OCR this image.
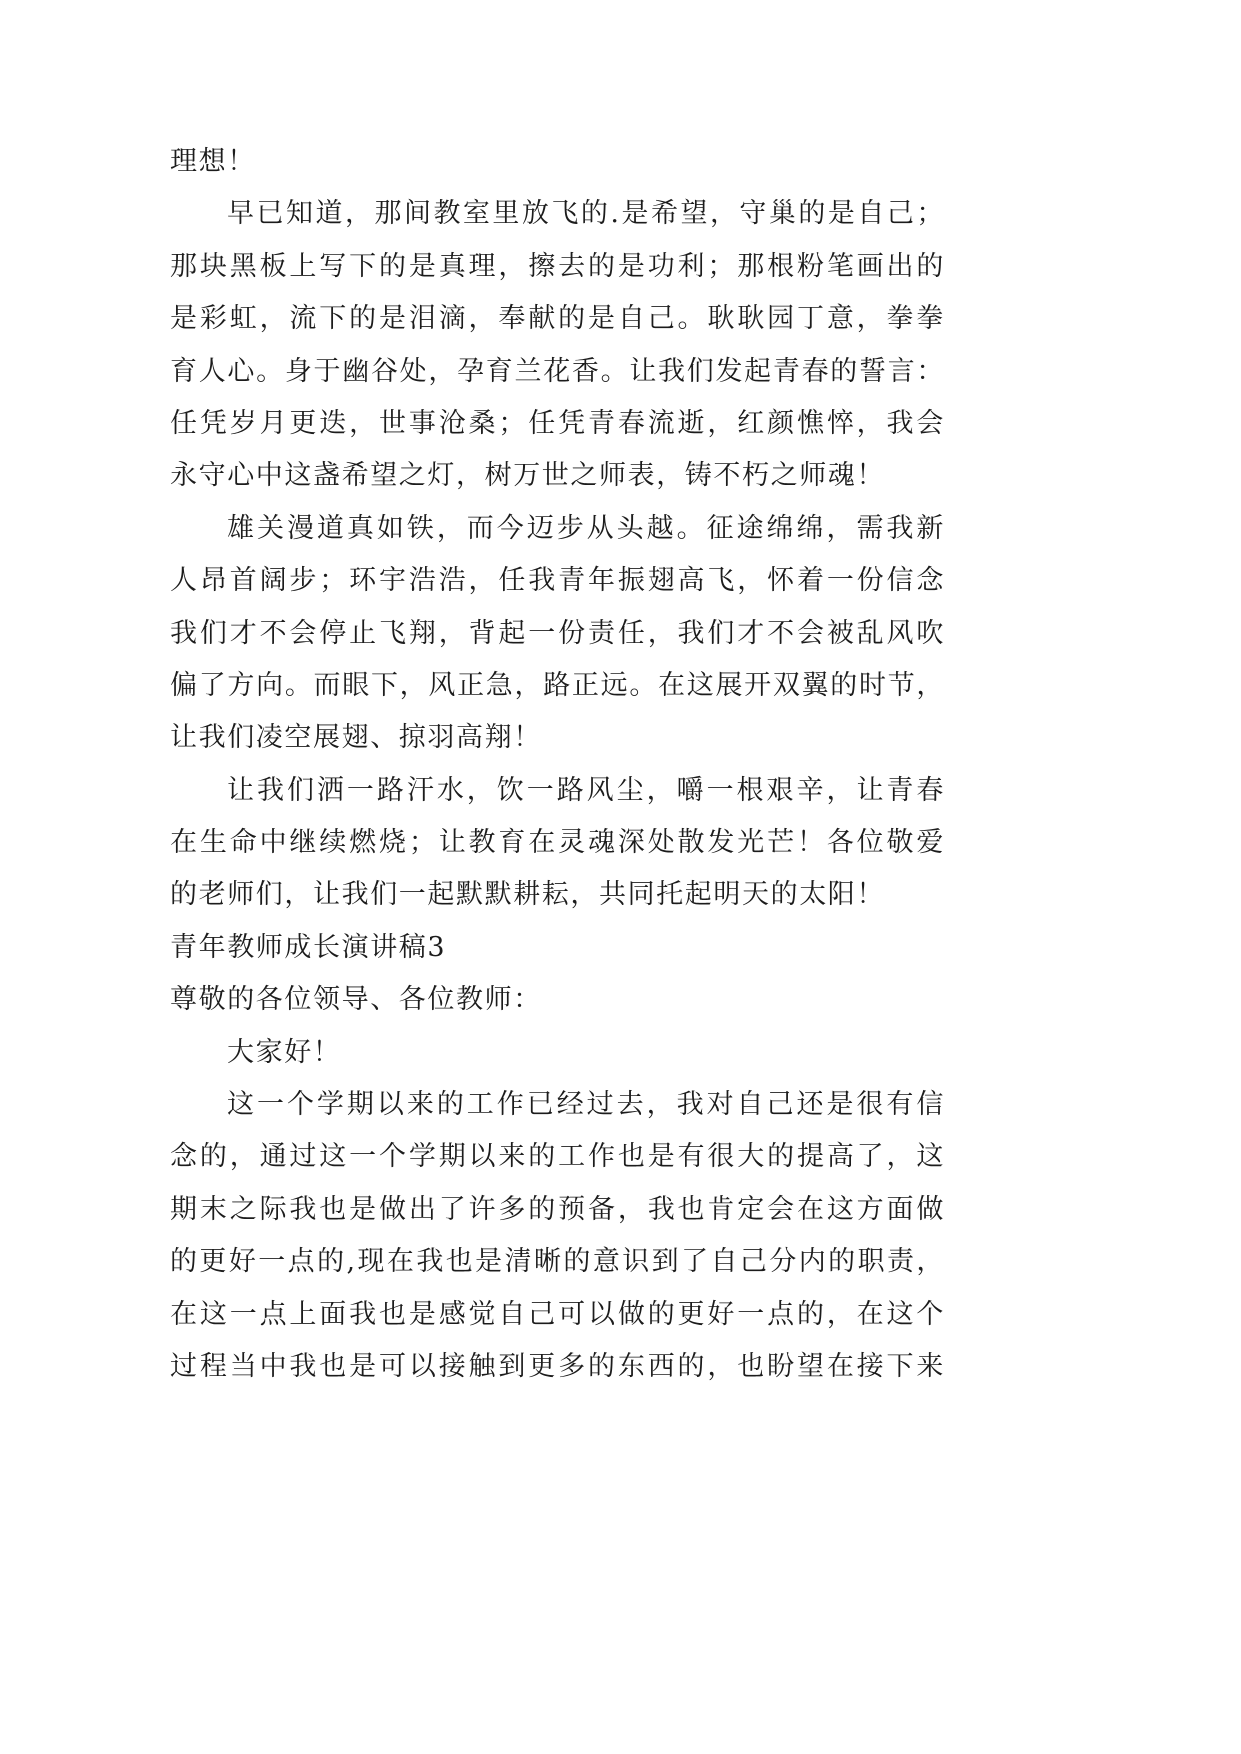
理想！
早已知道，那间教室里放飞的.是希望，守巢的是自己；
那块黑板上写下的是真理，擦去的是功利；那根粉笔画出的
是彩虹，流下的是泪滴，奉献的是自己。耿耿园丁意，拳拳
育人心。身于幽谷处，孕育兰花香。让我们发起青春的誓言：
任凭岁月更迭，世事沧桑；任凭青春流逝，红颜憔悴，我会
永守心中这盏希望之灯，树万世之师表，铸不朽之师魂！
雄关漫道真如铁，而今迈步从头越。征途绵绵，需我新
人昂首阔步；环宇浩浩，任我青年振翅高飞，怀着一份信念
我们才不会停止飞翔，背起一份责任，我们才不会被乱风吹
偏了方向。而眼下，风正急，路正远。在这展开双翼的时节，
让我们凌空展翅、掠羽高翔！
让我们洒一路汗水，饮一路风尘，嚼一根艰辛，让青春
在生命中继续燃烧；让教育在灵魂深处散发光芒！各位敬爱
的老师们，让我们一起默默耕耘，共同托起明天的太阳！
青年教师成长演讲稿3
尊敬的各位领导、各位教师：
大家好！
这一个学期以来的工作已经过去，我对自己还是很有信
念的，通过这一个学期以来的工作也是有很大的提高了，这
期末之际我也是做出了许多的预备，我也肯定会在这方面做
的更好一点的,现在我也是清晰的意识到了自己分内的职责，
在这一点上面我也是感觉自己可以做的更好一点的，在这个
过程当中我也是可以接触到更多的东西的，也盼望在接下来
